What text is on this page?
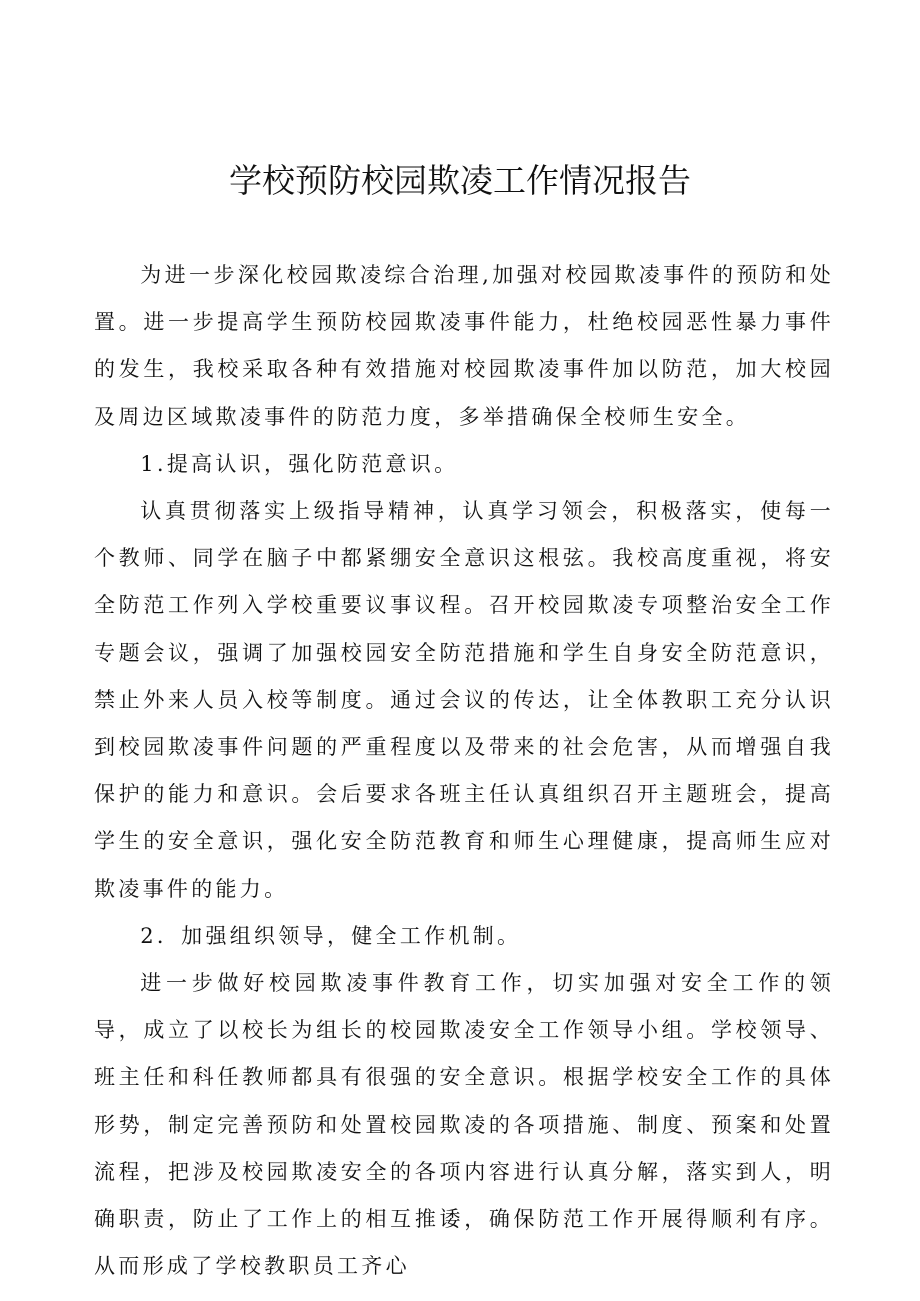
学校预防校园欺凌工作情况报告

为进一步深化校园欺凌综合治理,加强对校园欺凌事件的预防和处置。进一步提高学生预防校园欺凌事件能力，杜绝校园恶性暴力事件的发生，我校采取各种有效措施对校园欺凌事件加以防范，加大校园及周边区域欺凌事件的防范力度，多举措确保全校师生安全。

1.提高认识，强化防范意识。

认真贯彻落实上级指导精神，认真学习领会，积极落实，使每一个教师、同学在脑子中都紧绷安全意识这根弦。我校高度重视，将安全防范工作列入学校重要议事议程。召开校园欺凌专项整治安全工作专题会议，强调了加强校园安全防范措施和学生自身安全防范意识，禁止外来人员入校等制度。通过会议的传达，让全体教职工充分认识到校园欺凌事件问题的严重程度以及带来的社会危害，从而增强自我保护的能力和意识。会后要求各班主任认真组织召开主题班会，提高学生的安全意识，强化安全防范教育和师生心理健康，提高师生应对欺凌事件的能力。

2．加强组织领导，健全工作机制。

进一步做好校园欺凌事件教育工作，切实加强对安全工作的领导，成立了以校长为组长的校园欺凌安全工作领导小组。学校领导、班主任和科任教师都具有很强的安全意识。根据学校安全工作的具体形势，制定完善预防和处置校园欺凌的各项措施、制度、预案和处置流程，把涉及校园欺凌安全的各项内容进行认真分解，落实到人，明确职责，防止了工作上的相互推诿，确保防范工作开展得顺利有序。从而形成了学校教职员工齐心
